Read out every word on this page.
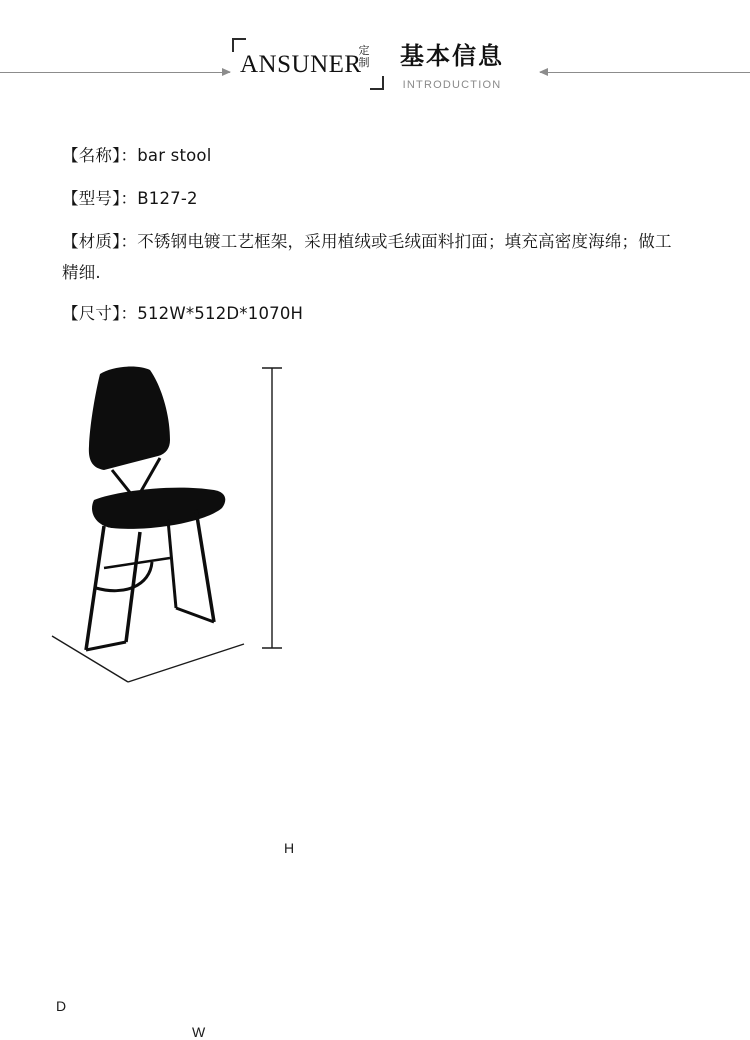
ANSUNER
定制	基本信息
INTRODUCTION
【名称】：bar stool
【型号】：B127-2
【材质】：不锈钢电镀工艺框架，采用植绒或毛绒面料扪面；填充高密度海绵；做工精细.
【尺寸】：512W*512D*1070H
H
D
W
